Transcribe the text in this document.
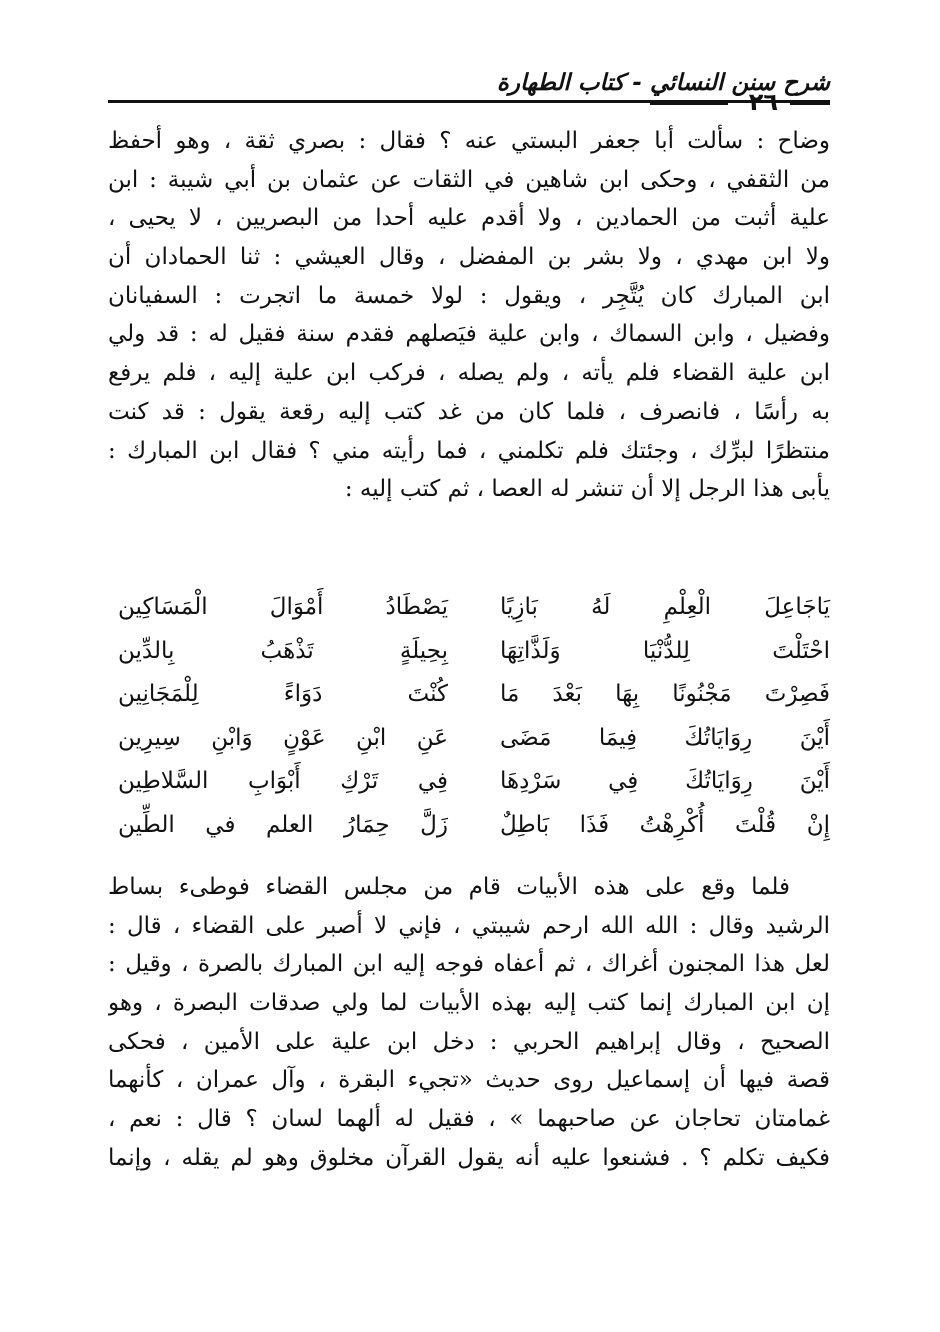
شرح سنن النسائي - كتاب الطهارة
٢٦
وضاح : سألت أبا جعفر البستي عنه ؟ فقال : بصري ثقة ، وهو أحفظ
من الثقفي ، وحكى ابن شاهين في الثقات عن عثمان بن أبي شيبة : ابن
علية أثبت من الحمادين ، ولا أقدم عليه أحدا من البصريين ، لا يحيى ،
ولا ابن مهدي ، ولا بشر بن المفضل ، وقال العيشي : ثنا الحمادان أن
ابن المبارك كان يُتَّجِر ، ويقول : لولا خمسة ما اتجرت : السفيانان
وفضيل ، وابن السماك ، وابن علية فيَصلهم فقدم سنة فقيل له : قد ولي
ابن علية القضاء فلم يأته ، ولم يصله ، فركب ابن علية إليه ، فلم يرفع
به رأسًا ، فانصرف ، فلما كان من غد كتب إليه رقعة يقول : قد كنت
منتظرًا لبرِّك ، وجئتك فلم تكلمني ، فما رأيته مني ؟ فقال ابن المبارك :
يأبى هذا الرجل إلا أن تنشر له العصا ، ثم كتب إليه :
يَاجَاعِلَ الْعِلْمِ لَهُ بَازِيًا
احْتَلْتَ لِلدُّنْيَا وَلَذَّاتِهَا
فَصِرْتَ مَجْنُونًا بِهَا بَعْدَ مَا
أَيْنَ رِوَايَاتُكَ فِيمَا مَضَى
أَيْنَ رِوَايَاتُكَ فِي سَرْدِهَا
إِنْ قُلْتَ أُكْرِهْتُ فَذَا بَاطِلٌ
يَصْطَادُ أَمْوَالَ الْمَسَاكِين
بِحِيلَةٍ تَذْهَبُ بِالدِّين
كُنْتَ دَوَاءً لِلْمَجَانِين
عَنِ ابْنِ عَوْنٍ وَابْنِ سِيرِين
فِي تَرْكِ أَبْوَابِ السَّلاطِين
زَلَّ حِمَارُ العلم في الطِّين
فلما وقع على هذه الأبيات قام من مجلس القضاء فوطىء بساط
الرشيد وقال : الله الله ارحم شيبتي ، فإني لا أصبر على القضاء ، قال :
لعل هذا المجنون أغراك ، ثم أعفاه فوجه إليه ابن المبارك بالصرة ، وقيل :
إن ابن المبارك إنما كتب إليه بهذه الأبيات لما ولي صدقات البصرة ، وهو
الصحيح ، وقال إبراهيم الحربي : دخل ابن علية على الأمين ، فحكى
قصة فيها أن إسماعيل روى حديث «تجيء البقرة ، وآل عمران ، كأنهما
غمامتان تحاجان عن صاحبهما » ، فقيل له ألهما لسان ؟ قال : نعم ،
فكيف تكلم ؟ . فشنعوا عليه أنه يقول القرآن مخلوق وهو لم يقله ، وإنما
